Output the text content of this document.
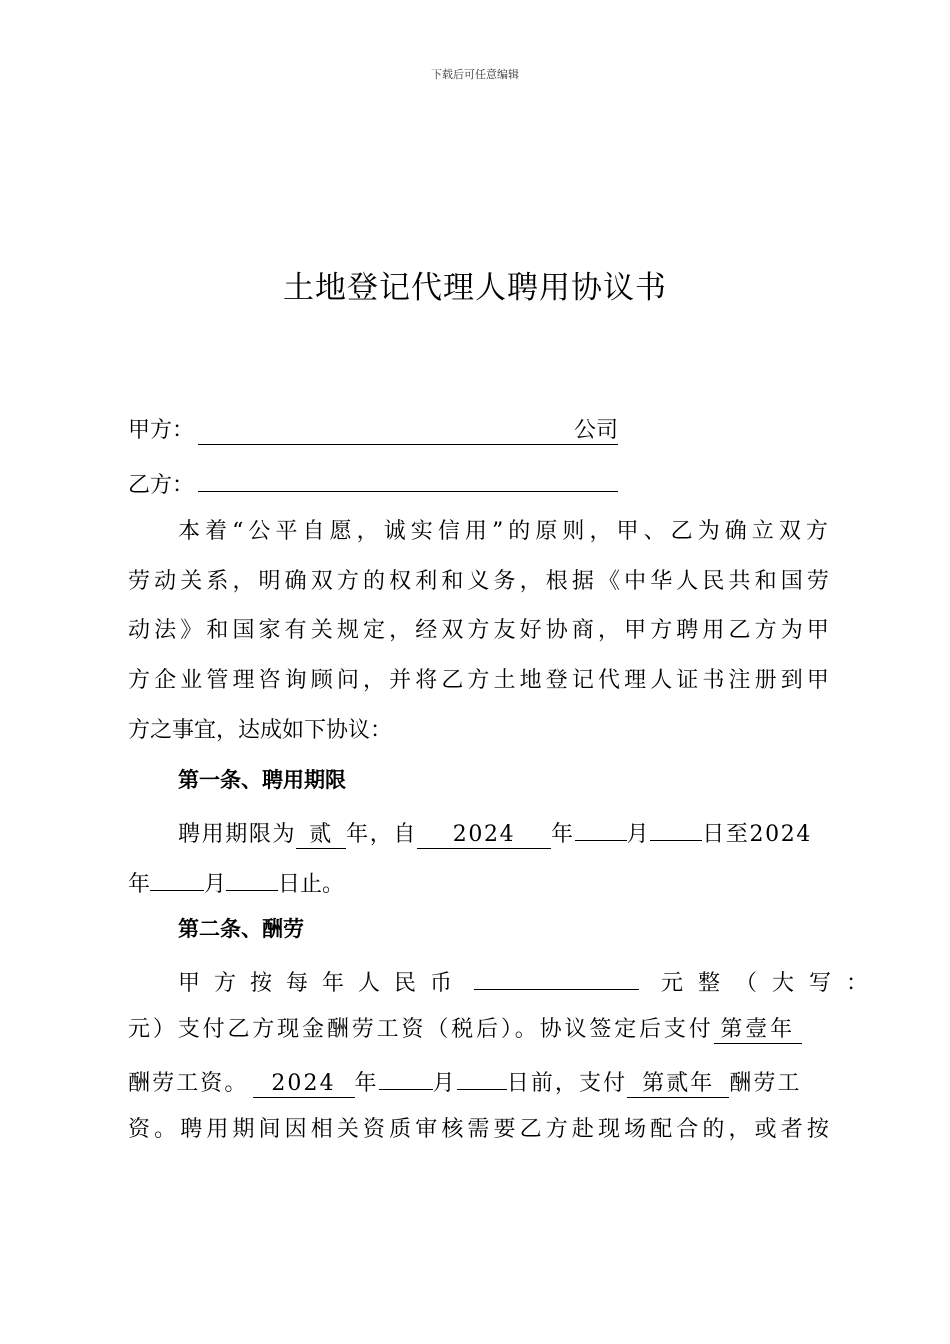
下载后可任意编辑
土地登记代理人聘用协议书
甲方：	公司
乙方：
本着“公平自愿，诚实信用”的原则，甲、乙为确立双方
劳动关系，明确双方的权利和义务，根据《中华人民共和国劳
动法》和国家有关规定，经双方友好协商，甲方聘用乙方为甲
方企业管理咨询顾问，并将乙方土地登记代理人证书注册到甲
方之事宜，达成如下协议：
第一条、聘用期限
聘用期限为 贰 年，自 2024 年 月 日至2024
年 月 日止。
第二条、酬劳
甲方按每年人民币	元整（大写：
元）支付乙方现金酬劳工资（税后）。协议签定后支付 第壹年
酬劳工资。 2024 年 月 日前，支付 第贰年 酬劳工
资。聘用期间因相关资质审核需要乙方赴现场配合的，或者按
